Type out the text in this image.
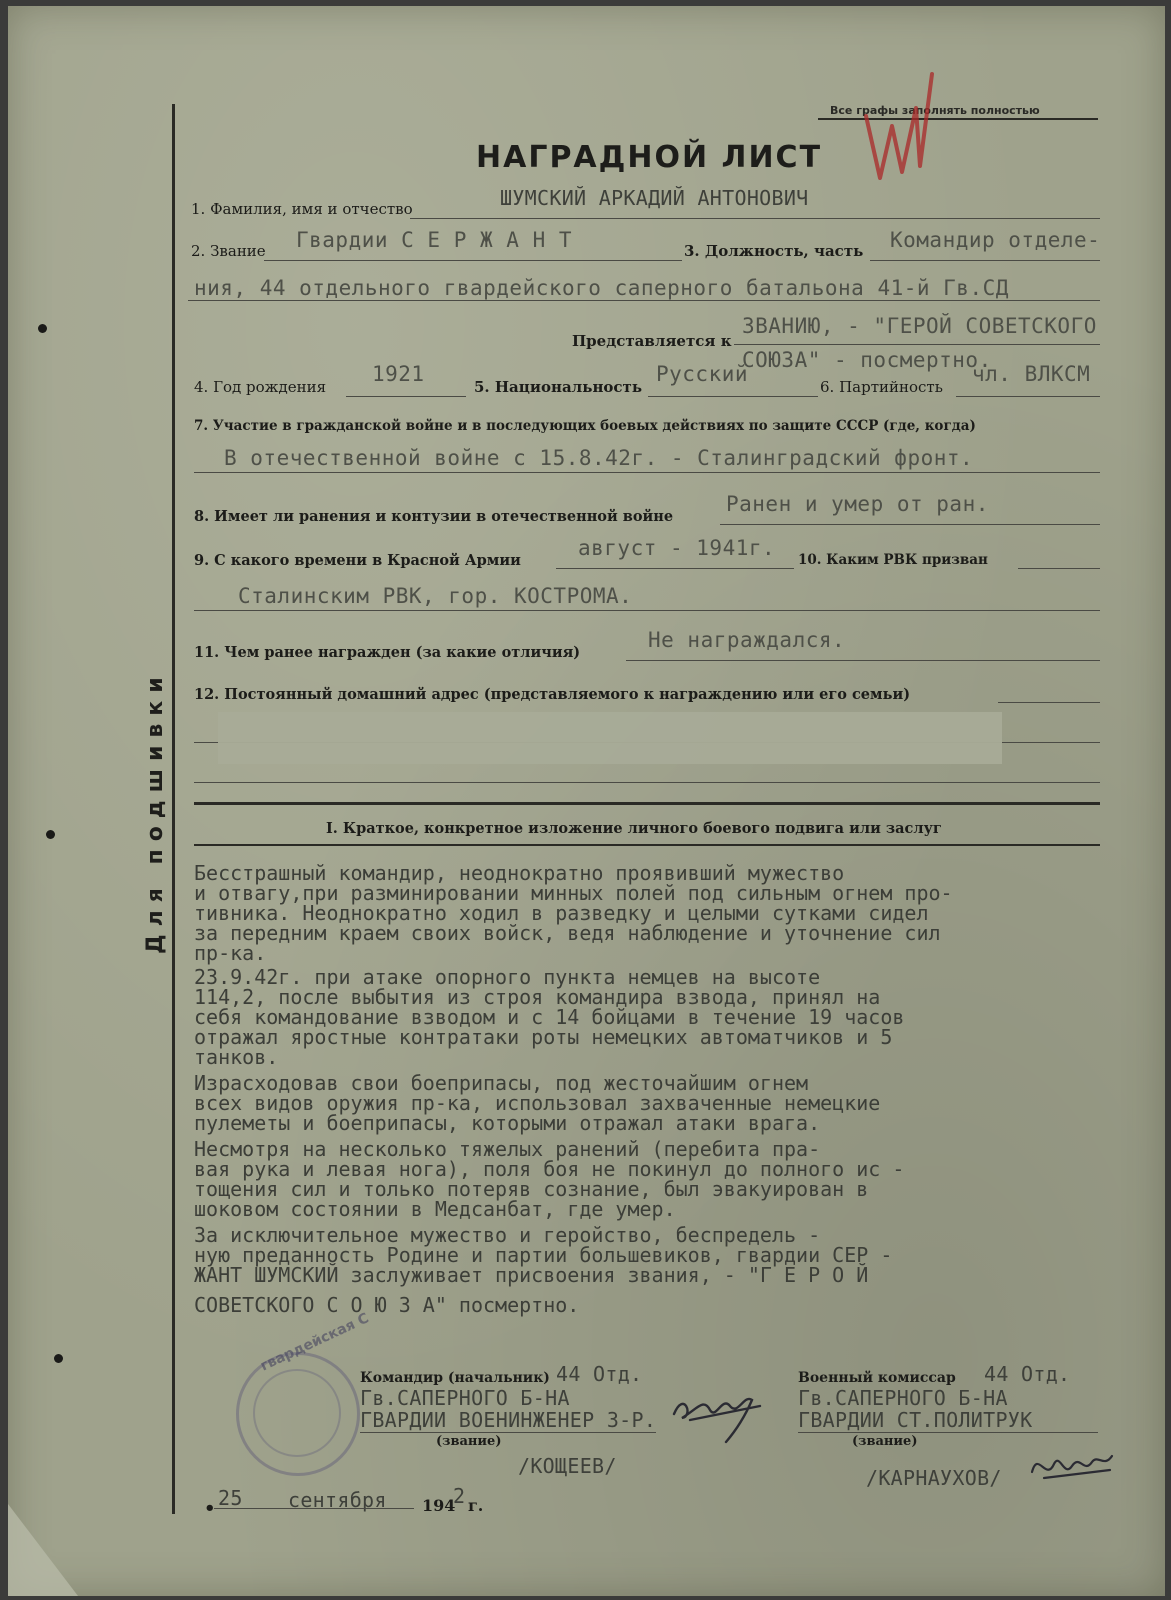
Для подшивки
Все графы заполнять полностью
НАГРАДНОЙ ЛИСТ
1. Фамилия, имя и отчество	ШУМСКИЙ АРКАДИЙ АНТОНОВИЧ
2. Звание Гвардии С Е Р Ж А Н Т	3. Должность, часть Командир отделе-
ния, 44 отдельного гвардейского саперного батальона 41-й Гв.СД
Представляется к
ЗВАНИЮ, - "ГЕРОЙ СОВЕТСКОГО
СОЮЗА" - посмертно.
4. Год рождения
1921
5. Национальность
Русский
6. Партийность
чл. ВЛКСМ
7. Участие в гражданской войне и в последующих боевых действиях по защите СССР (где, когда)
В отечественной войне с 15.8.42г. - Сталинградский фронт.
8. Имеет ли ранения и контузии в отечественной войне
Ранен и умер от ран.
9. С какого времени в Красной Армии
август - 1941г. 10. Каким РВК призван
Сталинским РВК, гор. КОСТРОМА.
11. Чем ранее награжден (за какие отличия)
Не награждался.
12. Постоянный домашний адрес (представляемого к награждению или его семьи)
I. Краткое, конкретное изложение личного боевого подвига или заслуг
Бесстрашный командир, неоднократно проявивший мужество
и отвагу,при разминировании минных полей под сильным огнем про-
тивника. Неоднократно ходил в разведку и целыми сутками сидел
за передним краем своих войск, ведя наблюдение и уточнение сил
пр-ка.
23.9.42г. при атаке опорного пункта немцев на высоте
114,2, после выбытия из строя командира взвода, принял на
себя командование взводом и с 14 бойцами в течение 19 часов
отражал яростные контратаки роты немецких автоматчиков и 5
танков.
Израсходовав свои боеприпасы, под жесточайшим огнем
всех видов оружия пр-ка, использовал захваченные немецкие
пулеметы и боеприпасы, которыми отражал атаки врага.
Несмотря на несколько тяжелых ранений (перебита пра-
вая рука и левая нога), поля боя не покинул до полного ис -
тощения сил и только потеряв сознание, был эвакуирован в
шоковом состоянии в Медсанбат, где умер.
За исключительное мужество и геройство, беспредель -
ную преданность Родине и партии большевиков, гвардии СЕР -
ЖАНТ ШУМСКИЙ заслуживает присвоения звания, - "Г Е Р О Й
СОВЕТСКОГО С О Ю З А" посмертно.
гвардейская С
Командир (начальник) 44 Отд.
Гв.САПЕРНОГО Б-НА
ГВАРДИИ ВОЕНИНЖЕНЕР 3-Р.
(звание)
/КОЩЕЕВ/
Военный комиссар 44 Отд.
Гв.САПЕРНОГО Б-НА
ГВАРДИИ СТ.ПОЛИТРУК
(звание)
/КАРНАУХОВ/
• 25 сентября 194
2 г.
